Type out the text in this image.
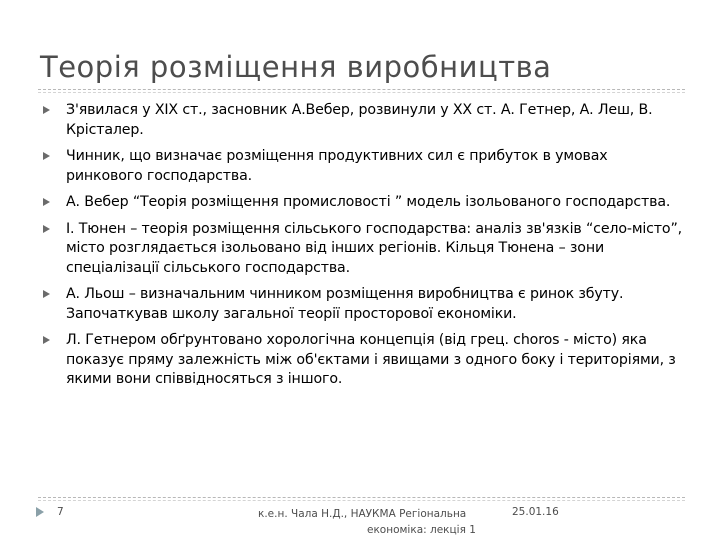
Теорія розміщення виробництва
З'явилася у ХІХ ст., засновник А.Вебер, розвинули у ХХ ст. А. Гетнер, А. Леш, В. Крісталер.
Чинник, що визначає розміщення продуктивних сил є прибуток в умовах ринкового господарства.
А. Вебер “Теорія розміщення промисловості ” модель ізольованого господарства.
І. Тюнен – теорія розміщення сільського господарства: аналіз зв'язків “село-місто”, місто розглядається ізольовано від інших регіонів. Кільця Тюнена – зони спеціалізації сільського господарства.
А. Льош – визначальним чинником розміщення виробництва є ринок збуту. Започаткував школу загальної теорії просторової економіки.
Л. Гетнером обґрунтовано хорологічна концепція (від грец. choros - місто) яка показує пряму залежність між об'єктами і явищами з одного боку і територіями, з якими вони співвідносяться з іншого.
7	к.е.н. Чала Н.Д., НАУКМА Регіональна
економіка: лекція 1
25.01.16
